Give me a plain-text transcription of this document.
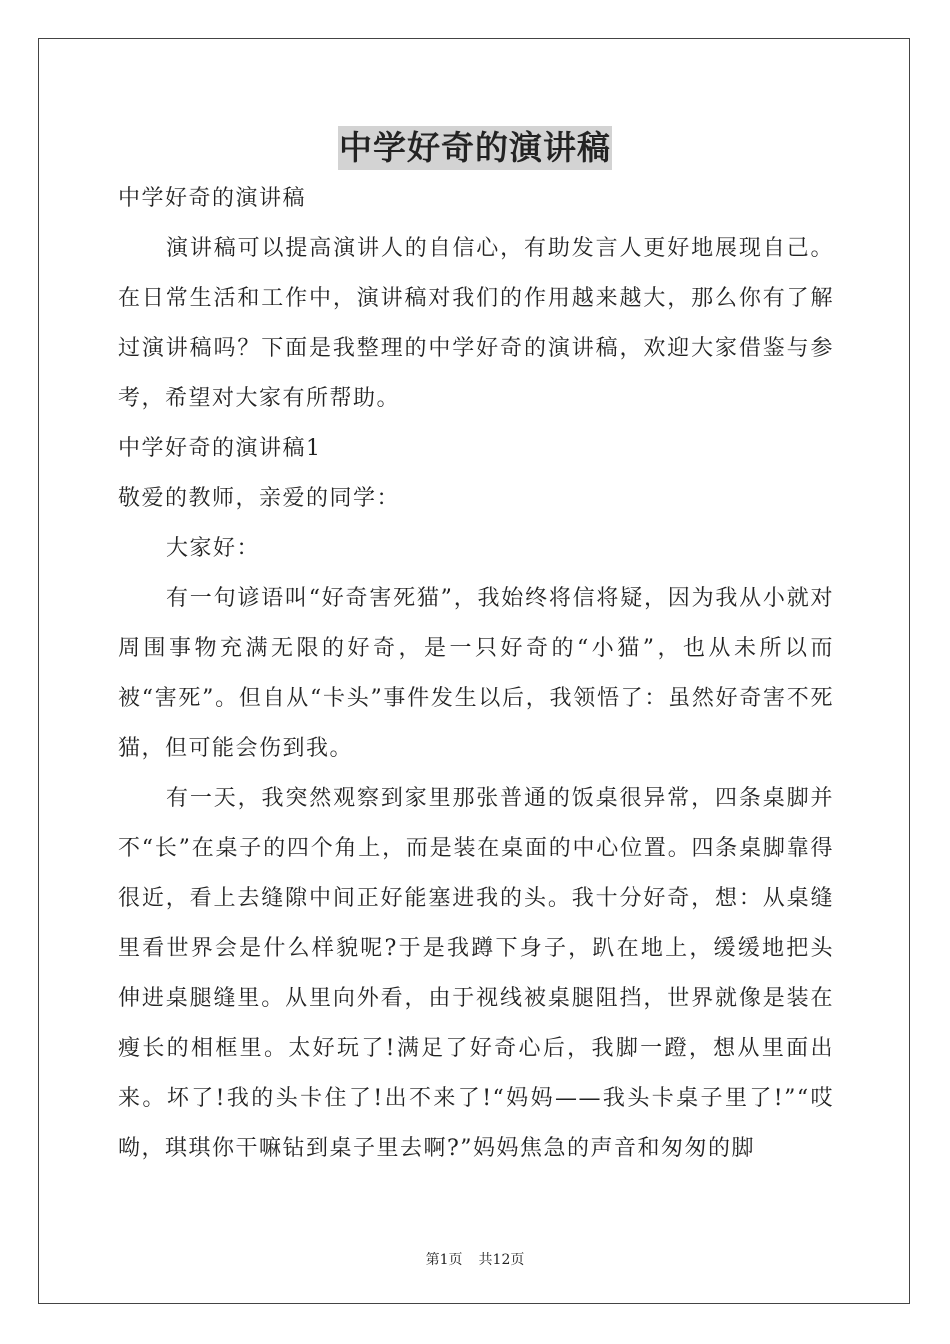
中学好奇的演讲稿

中学好奇的演讲稿

演讲稿可以提高演讲人的自信心，有助发言人更好地展现自己。在日常生活和工作中，演讲稿对我们的作用越来越大，那么你有了解过演讲稿吗？下面是我整理的中学好奇的演讲稿，欢迎大家借鉴与参考，希望对大家有所帮助。

中学好奇的演讲稿1

敬爱的教师，亲爱的同学：

大家好：

有一句谚语叫“好奇害死猫”，我始终将信将疑，因为我从小就对周围事物充满无限的好奇，是一只好奇的“小猫”，也从未所以而被“害死”。但自从“卡头”事件发生以后，我领悟了：虽然好奇害不死猫，但可能会伤到我。

有一天，我突然观察到家里那张普通的饭桌很异常，四条桌脚并不“长”在桌子的四个角上，而是装在桌面的中心位置。四条桌脚靠得很近，看上去缝隙中间正好能塞进我的头。我十分好奇，想：从桌缝里看世界会是什么样貌呢?于是我蹲下身子，趴在地上，缓缓地把头伸进桌腿缝里。从里向外看，由于视线被桌腿阻挡，世界就像是装在瘦长的相框里。太好玩了!满足了好奇心后，我脚一蹬，想从里面出来。坏了!我的头卡住了!出不来了!“妈妈——我头卡桌子里了!”“哎呦，琪琪你干嘛钻到桌子里去啊?”妈妈焦急的声音和匆匆的脚

第1页 共12页
